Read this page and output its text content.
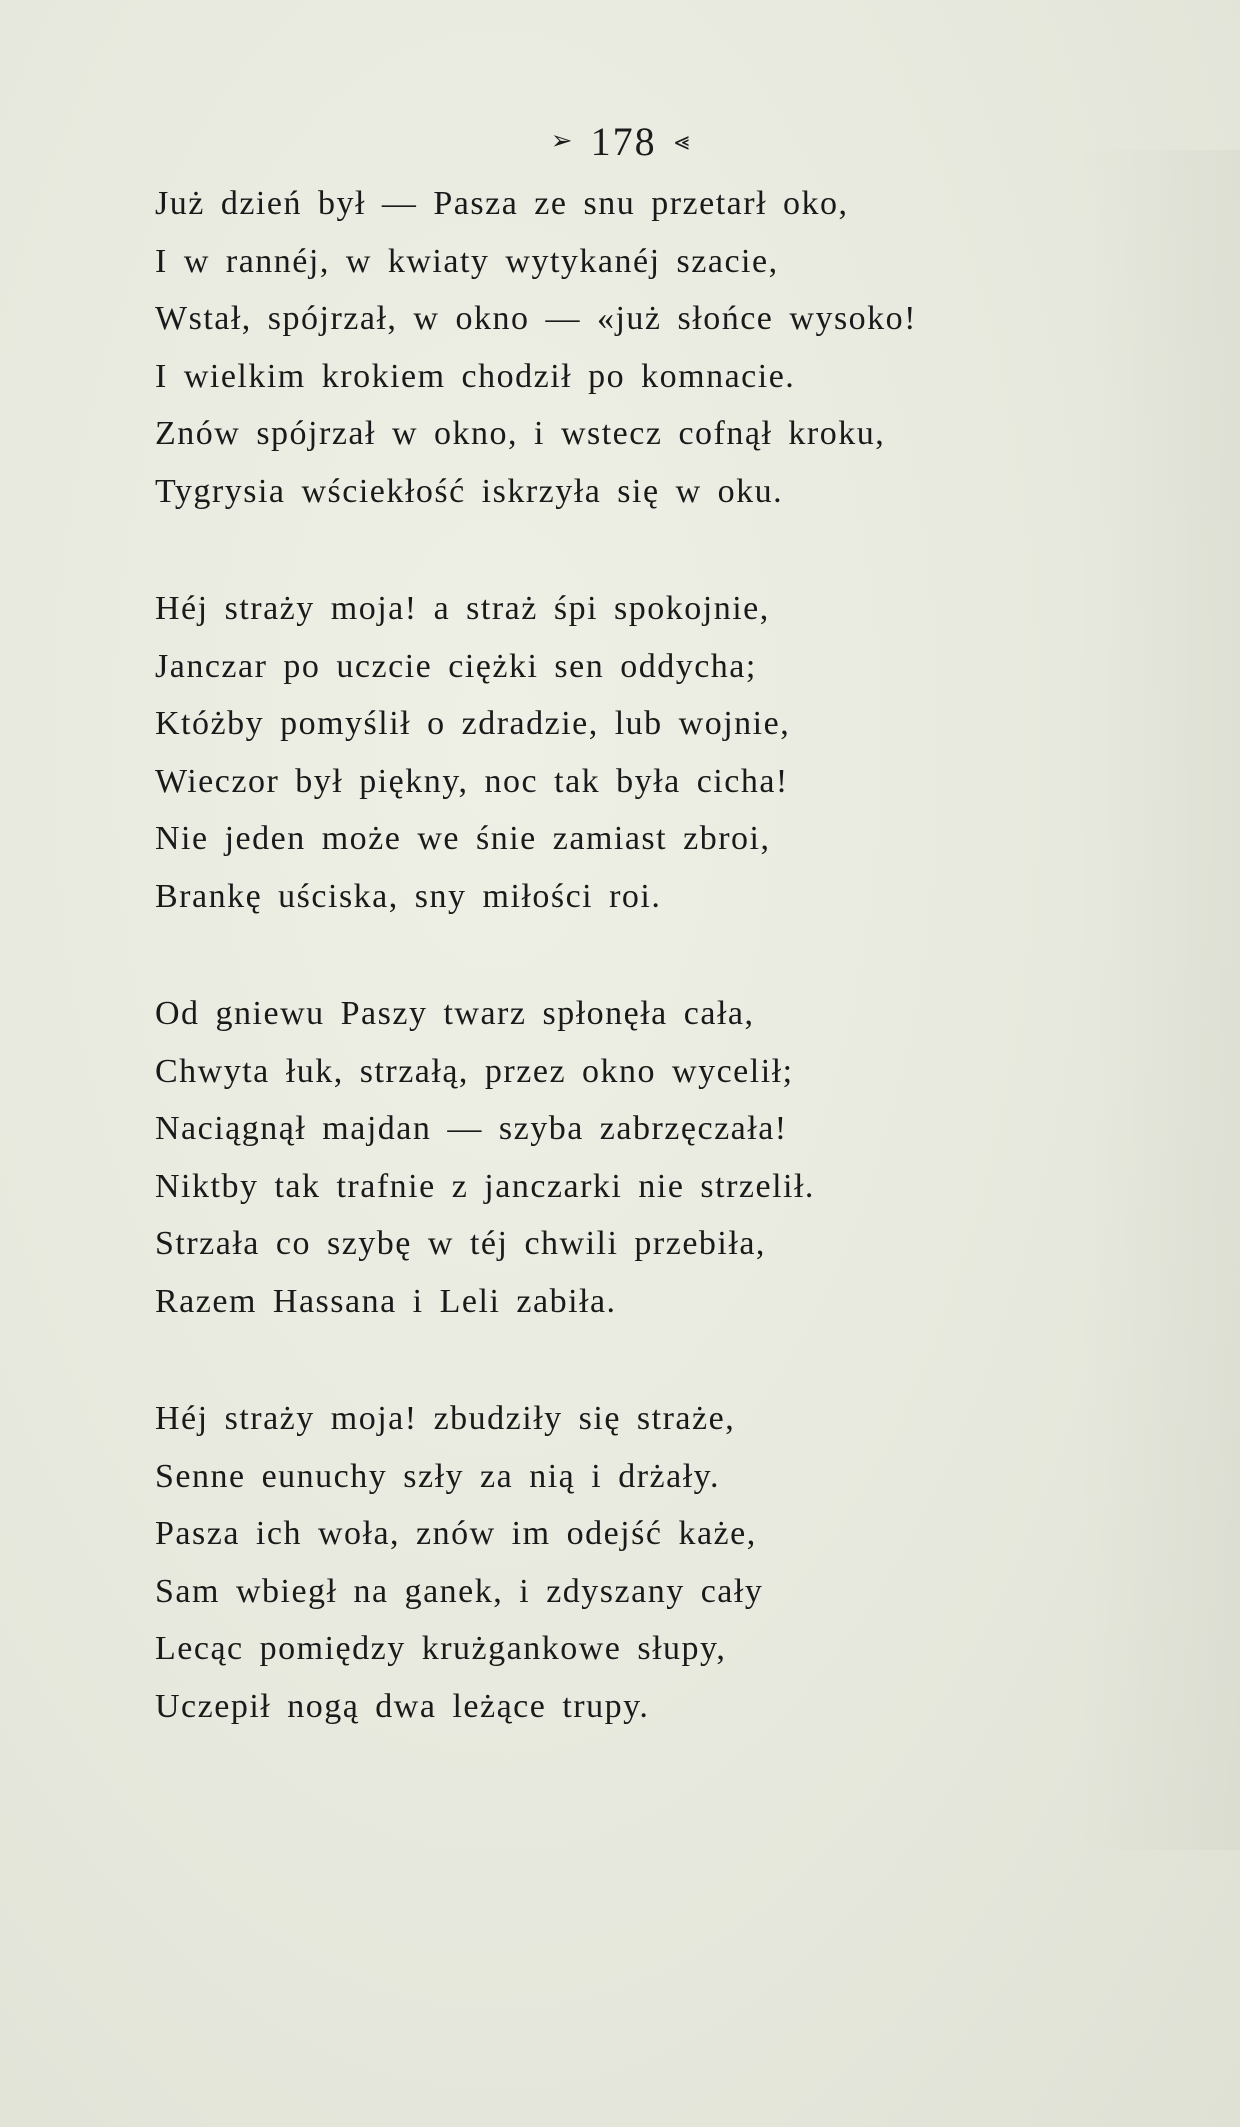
➢ 178 ⪡
Już dzień był — Pasza ze snu przetarł oko,
I w rannéj, w kwiaty wytykanéj szacie,
Wstał, spójrzał, w okno — «już słońce wysoko!
I wielkim krokiem chodził po komnacie.
Znów spójrzał w okno, i wstecz cofnął kroku,
Tygrysia wściekłość iskrzyła się w oku.
Héj straży moja! a straż śpi spokojnie,
Janczar po uczcie ciężki sen oddycha;
Któżby pomyślił o zdradzie, lub wojnie,
Wieczor był piękny, noc tak była cicha!
Nie jeden może we śnie zamiast zbroi,
Brankę uściska, sny miłości roi.
Od gniewu Paszy twarz spłonęła cała,
Chwyta łuk, strzałą, przez okno wycelił;
Naciągnął majdan — szyba zabrzęczała!
Niktby tak trafnie z janczarki nie strzelił.
Strzała co szybę w téj chwili przebiła,
Razem Hassana i Leli zabiła.
Héj straży moja! zbudziły się straże,
Senne eunuchy szły za nią i drżały.
Pasza ich woła, znów im odejść każe,
Sam wbiegł na ganek, i zdyszany cały
Lecąc pomiędzy krużgankowe słupy,
Uczepił nogą dwa leżące trupy.
